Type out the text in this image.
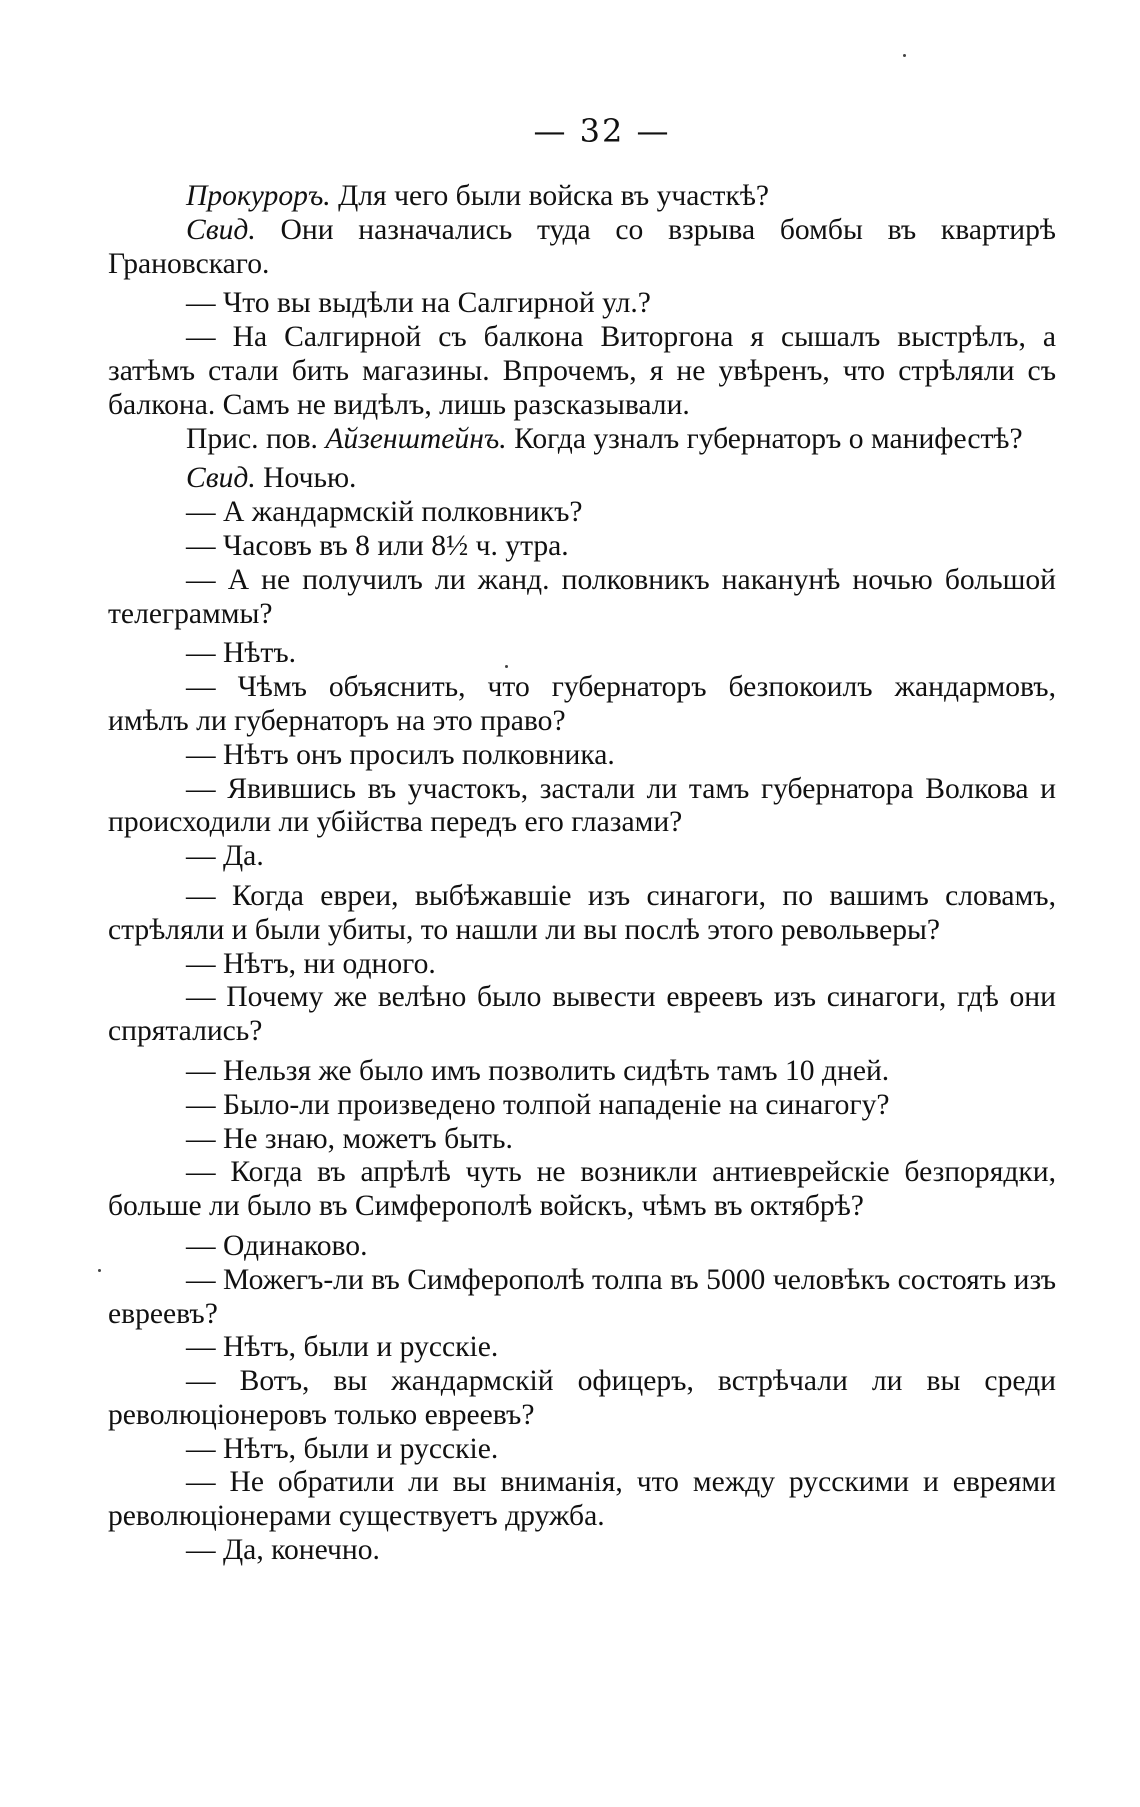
— 32 —

Прокуроръ. Для чего были войска въ участкѣ?

Свид. Они назначались туда со взрыва бомбы въ квартирѣ Грановскаго.

— Что вы выдѣли на Салгирной ул.?

— На Салгирной съ балкона Виторгона я сышалъ выстрѣлъ, а затѣмъ стали бить магазины. Впрочемъ, я не увѣренъ, что стрѣляли съ балкона. Самъ не видѣлъ, лишь разсказывали.

Прис. пов. Айзенштейнъ. Когда узналъ губернаторъ о манифестѣ?

Свид. Ночью.

— А жандармскій полковникъ?

— Часовъ въ 8 или 8½ ч. утра.

— А не получилъ ли жанд. полковникъ наканунѣ ночью большой телеграммы?

— Нѣтъ.

— Чѣмъ объяснить, что губернаторъ безпокоилъ жандармовъ, имѣлъ ли губернаторъ на это право?

— Нѣтъ онъ просилъ полковника.

— Явившись въ участокъ, застали ли тамъ губернатора Волкова и происходили ли убійства передъ его глазами?

— Да.

— Когда евреи, выбѣжавшіе изъ синагоги, по вашимъ словамъ, стрѣляли и были убиты, то нашли ли вы послѣ этого револьверы?

— Нѣтъ, ни одного.

— Почему же велѣно было вывести евреевъ изъ синагоги, гдѣ они спрятались?

— Нельзя же было имъ позволить сидѣть тамъ 10 дней.

— Было-ли произведено толпой нападеніе на синагогу?

— Не знаю, можетъ быть.

— Когда въ апрѣлѣ чуть не возникли антиеврейскіе безпорядки, больше ли было въ Симферополѣ войскъ, чѣмъ въ октябрѣ?

— Одинаково.

— Можегъ-ли въ Симферополѣ толпа въ 5000 человѣкъ состоять изъ евреевъ?

— Нѣтъ, были и русскіе.

— Вотъ, вы жандармскій офицеръ, встрѣчали ли вы среди революціонеровъ только евреевъ?

— Нѣтъ, были и русскіе.

— Не обратили ли вы вниманія, что между русскими и евреями революціонерами существуетъ дружба.

— Да, конечно.
